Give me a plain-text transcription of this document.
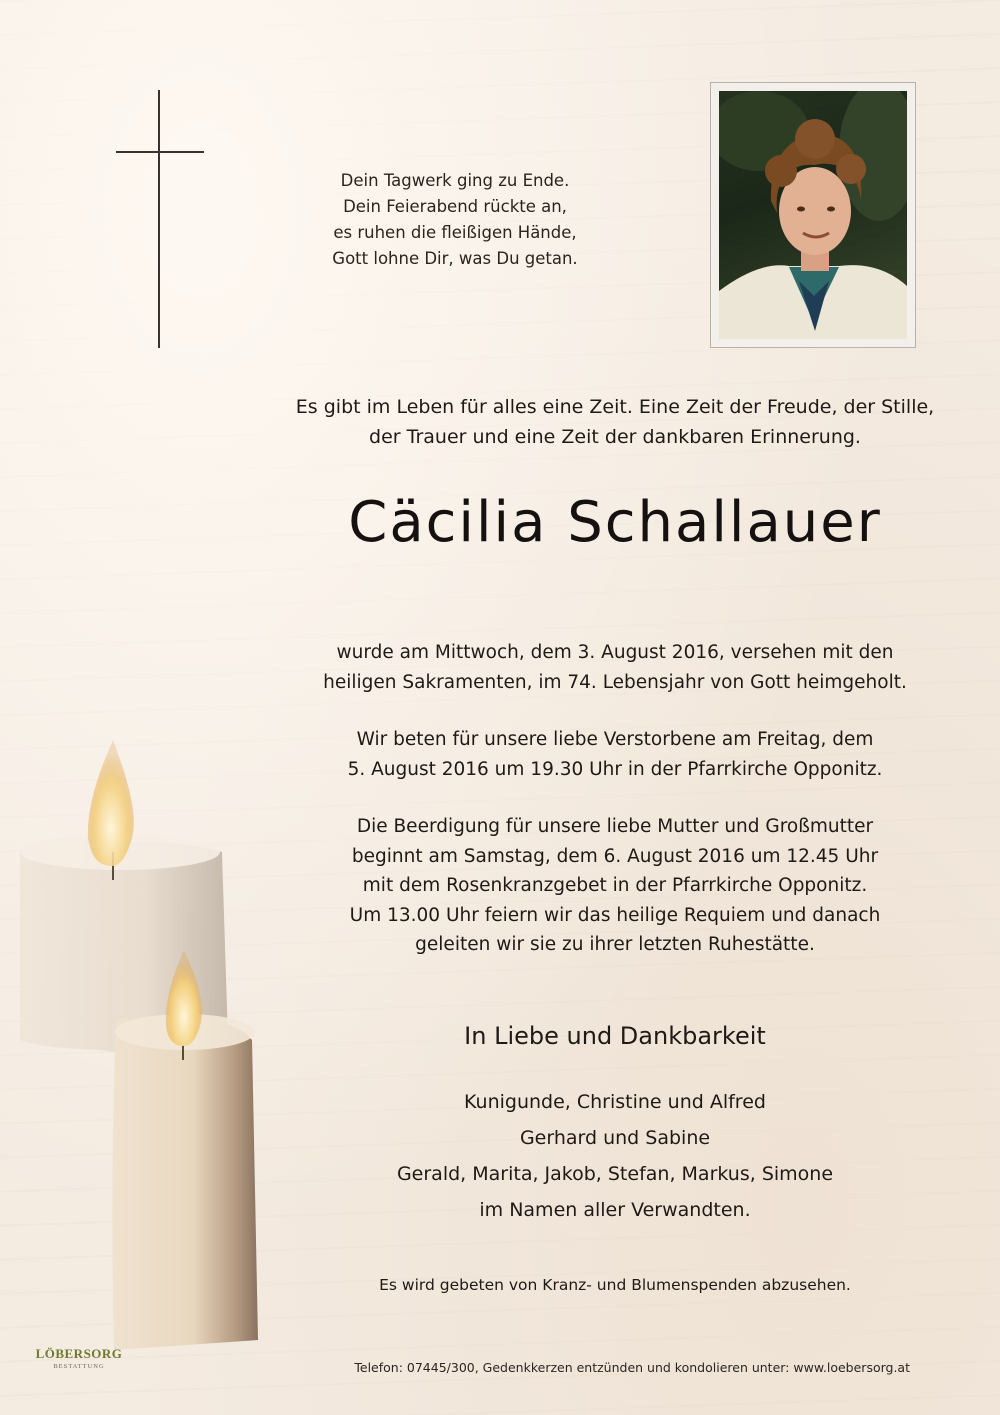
Dein Tagwerk ging zu Ende.

Dein Feierabend rückte an,

es ruhen die fleißigen Hände,

Gott lohne Dir, was Du getan.

Es gibt im Leben für alles eine Zeit. Eine Zeit der Freude, der Stille,

der Trauer und eine Zeit der dankbaren Erinnerung.

Cäcilia Schallauer

wurde am Mittwoch, dem 3. August 2016, versehen mit den

heiligen Sakramenten, im 74. Lebensjahr von Gott heimgeholt.

Wir beten für unsere liebe Verstorbene am Freitag, dem

5. August 2016 um 19.30 Uhr in der Pfarrkirche Opponitz.

Die Beerdigung für unsere liebe Mutter und Großmutter

beginnt am Samstag, dem 6. August 2016 um 12.45 Uhr

mit dem Rosenkranzgebet in der Pfarrkirche Opponitz.

Um 13.00 Uhr feiern wir das heilige Requiem und danach

geleiten wir sie zu ihrer letzten Ruhestätte.

In Liebe und Dankbarkeit

Kunigunde, Christine und Alfred

Gerhard und Sabine

Gerald, Marita, Jakob, Stefan, Markus, Simone

im Namen aller Verwandten.

Es wird gebeten von Kranz- und Blumenspenden abzusehen.
LÖBERSORG
BESTATTUNG	Telefon: 07445/300, Gedenkkerzen entzünden und kondolieren unter: www.loebersorg.at
